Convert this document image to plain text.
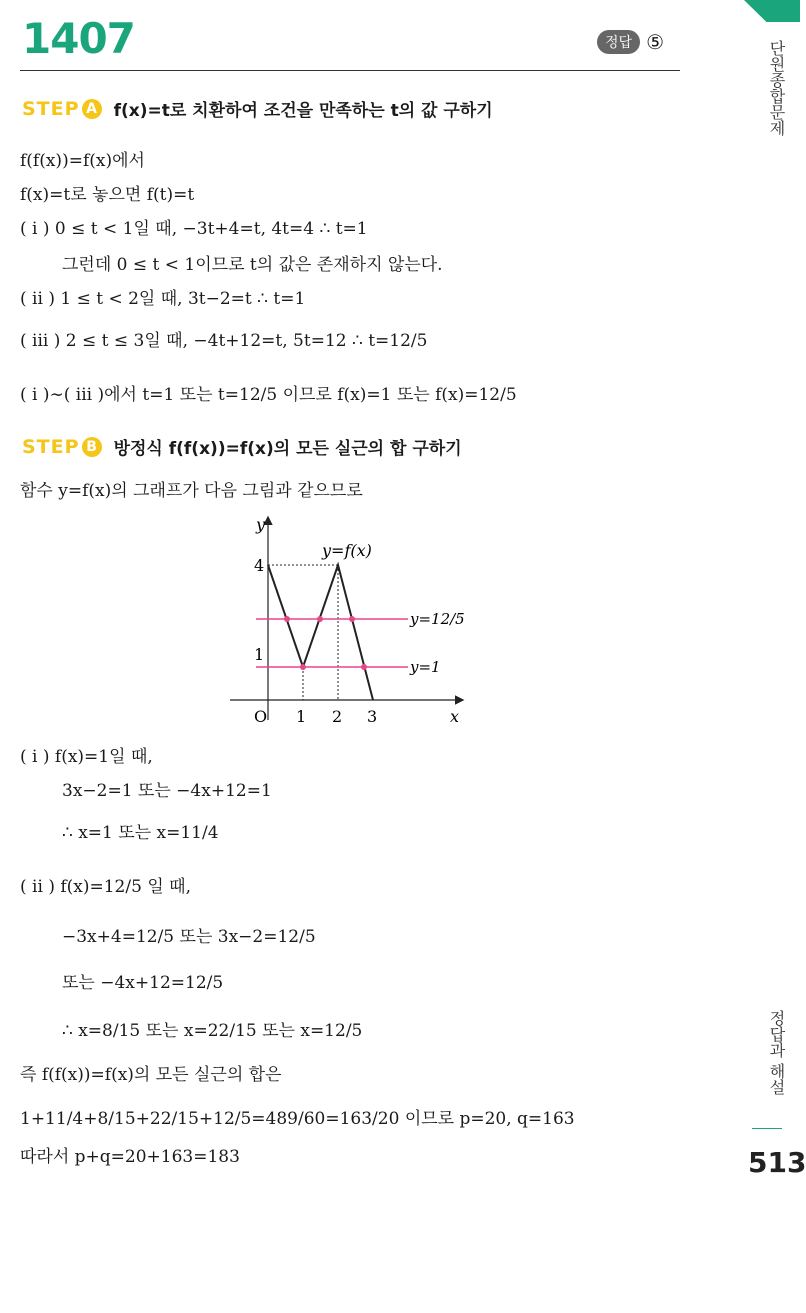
1407	정답 ⑤	단원종합문제
정답과 해설
513
STEP A f(x)=t로 치환하여 조건을 만족하는 t의 값 구하기
f(f(x))=f(x)에서
f(x)=t로 놓으면 f(t)=t
( i ) 0 ≤ t < 1일 때, −3t+4=t, 4t=4 ∴ t=1
그런데 0 ≤ t < 1이므로 t의 값은 존재하지 않는다.
( ii ) 1 ≤ t < 2일 때, 3t−2=t ∴ t=1
( iii ) 2 ≤ t ≤ 3일 때, −4t+12=t, 5t=12 ∴ t=12/5
( i )∼( iii )에서 t=1 또는 t=12/5 이므로 f(x)=1 또는 f(x)=12/5
STEP B 방정식 f(f(x))=f(x)의 모든 실근의 합 구하기
함수 y=f(x)의 그래프가 다음 그림과 같으므로
y
x
O 1 2 3
1
4
y=f(x)
y=12/5
y=1
( i ) f(x)=1일 때,
3x−2=1 또는 −4x+12=1
∴ x=1 또는 x=11/4
( ii ) f(x)=12/5 일 때,
−3x+4=12/5 또는 3x−2=12/5
또는 −4x+12=12/5
∴ x=8/15 또는 x=22/15 또는 x=12/5
즉 f(f(x))=f(x)의 모든 실근의 합은
1+11/4+8/15+22/15+12/5=489/60=163/20 이므로 p=20, q=163
따라서 p+q=20+163=183
